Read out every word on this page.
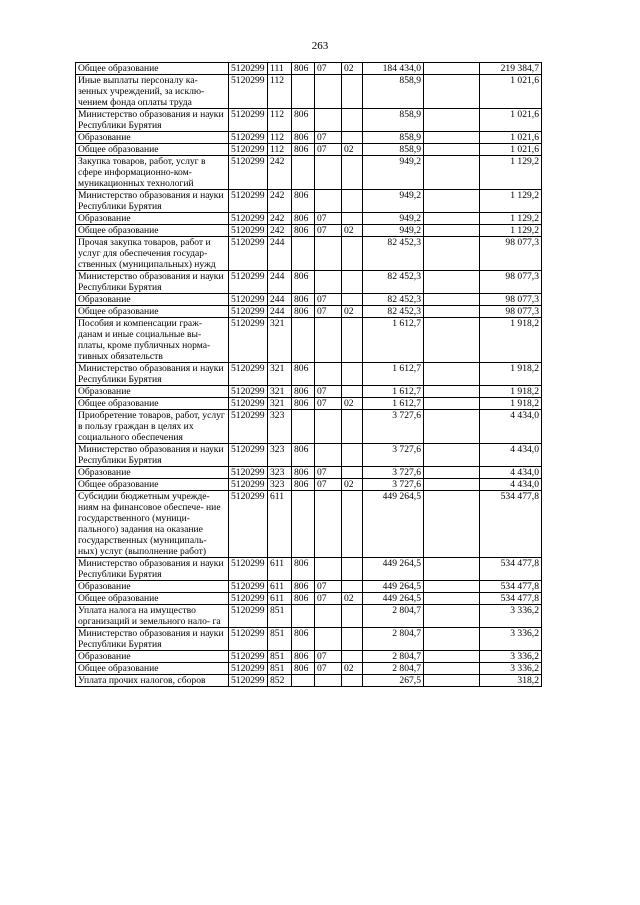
263
Общее образование	5120299	111	806	07	02	184 434,0		219 384,7
Иные выплаты персоналу ка- зенных учреждений, за исклю- чением фонда оплаты труда	5120299	112				858,9		1 021,6
Министерство образования и науки Республики Бурятия	5120299	112	806			858,9		1 021,6
Образование	5120299	112	806	07		858,9		1 021,6
Общее образование	5120299	112	806	07	02	858,9		1 021,6
Закупка товаров, работ, услуг в сфере информационно-ком- муникационных технологий	5120299	242				949,2		1 129,2
Министерство образования и науки Республики Бурятия	5120299	242	806			949,2		1 129,2
Образование	5120299	242	806	07		949,2		1 129,2
Общее образование	5120299	242	806	07	02	949,2		1 129,2
Прочая закупка товаров, работ и услуг для обеспечения государ- ственных (муниципальных) нужд	5120299	244				82 452,3		98 077,3
Министерство образования и науки Республики Бурятия	5120299	244	806			82 452,3		98 077,3
Образование	5120299	244	806	07		82 452,3		98 077,3
Общее образование	5120299	244	806	07	02	82 452,3		98 077,3
Пособия и компенсации граж- данам и иные социальные вы- платы, кроме публичных норма- тивных обязательств	5120299	321				1 612,7		1 918,2
Министерство образования и науки Республики Бурятия	5120299	321	806			1 612,7		1 918,2
Образование	5120299	321	806	07		1 612,7		1 918,2
Общее образование	5120299	321	806	07	02	1 612,7		1 918,2
Приобретение товаров, работ, услуг в пользу граждан в целях их социального обеспечения	5120299	323				3 727,6		4 434,0
Министерство образования и науки Республики Бурятия	5120299	323	806			3 727,6		4 434,0
Образование	5120299	323	806	07		3 727,6		4 434,0
Общее образование	5120299	323	806	07	02	3 727,6		4 434,0
Субсидии бюджетным учрежде- ниям на финансовое обеспече- ние государственного (муници- пального) задания на оказание государственных (муниципаль- ных) услуг (выполнение работ)	5120299	611				449 264,5		534 477,8
Министерство образования и науки Республики Бурятия	5120299	611	806			449 264,5		534 477,8
Образование	5120299	611	806	07		449 264,5		534 477,8
Общее образование	5120299	611	806	07	02	449 264,5		534 477,8
Уплата налога на имущество организаций и земельного нало- га	5120299	851				2 804,7		3 336,2
Министерство образования и науки Республики Бурятия	5120299	851	806			2 804,7		3 336,2
Образование	5120299	851	806	07		2 804,7		3 336,2
Общее образование	5120299	851	806	07	02	2 804,7		3 336,2
Уплата прочих налогов, сборов	5120299	852				267,5		318,2
